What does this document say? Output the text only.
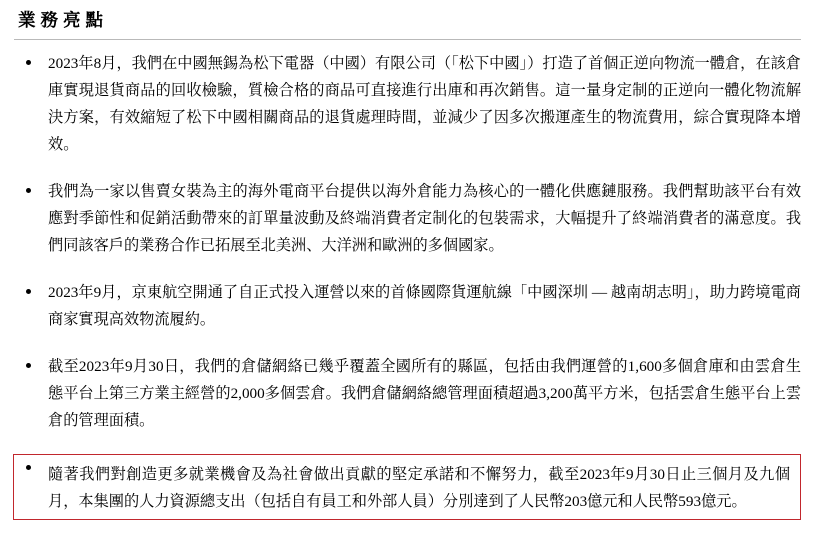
業務亮點

2023年8月，我們在中國無錫為松下電器（中國）有限公司（「松下中國」）打造了首個正逆向物流一體倉，在該倉庫實現退貨商品的回收檢驗，質檢合格的商品可直接進行出庫和再次銷售。這一量身定制的正逆向一體化物流解決方案，有效縮短了松下中國相關商品的退貨處理時間，並減少了因多次搬運產生的物流費用，綜合實現降本增效。

我們為一家以售賣女裝為主的海外電商平台提供以海外倉能力為核心的一體化供應鏈服務。我們幫助該平台有效應對季節性和促銷活動帶來的訂單量波動及終端消費者定制化的包裝需求，大幅提升了終端消費者的滿意度。我們同該客戶的業務合作已拓展至北美洲、大洋洲和歐洲的多個國家。

2023年9月，京東航空開通了自正式投入運營以來的首條國際貨運航線「中國深圳 — 越南胡志明」，助力跨境電商商家實現高效物流履約。

截至2023年9月30日，我們的倉儲網絡已幾乎覆蓋全國所有的縣區，包括由我們運營的1,600多個倉庫和由雲倉生態平台上第三方業主經營的2,000多個雲倉。我們倉儲網絡總管理面積超過3,200萬平方米，包括雲倉生態平台上雲倉的管理面積。

隨著我們對創造更多就業機會及為社會做出貢獻的堅定承諾和不懈努力，截至2023年9月30日止三個月及九個月，本集團的人力資源總支出（包括自有員工和外部人員）分別達到了人民幣203億元和人民幣593億元。
